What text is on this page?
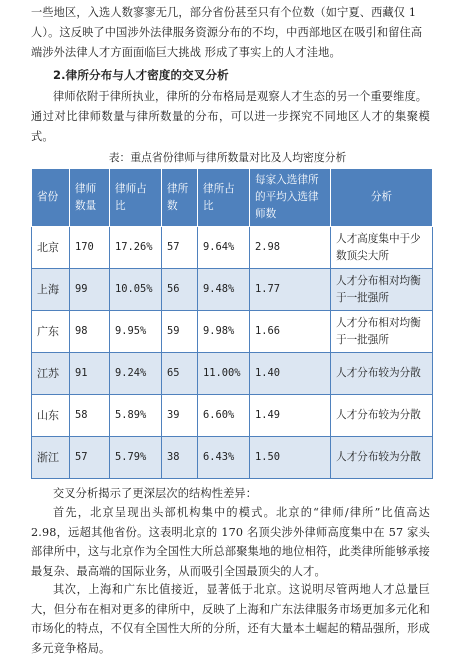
一些地区，入选人数寥寥无几，部分省份甚至只有个位数（如宁夏、西藏仅 1

人）。这反映了中国涉外法律服务资源分布的不均，中西部地区在吸引和留住高

端涉外法律人才方面面临巨大挑战 形成了事实上的人才洼地。

2.律所分布与人才密度的交叉分析

律师依附于律所执业，律所的分布格局是观察人才生态的另一个重要维度。

通过对比律师数量与律所数量的分布，可以进一步探究不同地区人才的集聚模式。

表：重点省份律师与律所数量对比及人均密度分析
省份	律师数量	律师占比	律所数	律所占比	每家入选律所的平均入选律师数	分析
北京	170	17.26%	57	9.64%	2.98	人才高度集中于少数顶尖大所
上海	99	10.05%	56	9.48%	1.77	人才分布相对均衡于一批强所
广东	98	9.95%	59	9.98%	1.66	人才分布相对均衡于一批强所
江苏	91	9.24%	65	11.00%	1.40	人才分布较为分散
山东	58	5.89%	39	6.60%	1.49	人才分布较为分散
浙江	57	5.79%	38	6.43%	1.50	人才分布较为分散

交叉分析揭示了更深层次的结构性差异：

首先，北京呈现出头部机构集中的模式。北京的“律师/律所”比值高达 2.98，远超其他省份。这表明北京的 170 名顶尖涉外律师高度集中在 57 家头部律所中，这与北京作为全国性大所总部聚集地的地位相符，此类律所能够承接最复杂、最高端的国际业务，从而吸引全国最顶尖的人才。

其次，上海和广东比值接近，显著低于北京。这说明尽管两地人才总量巨大，但分布在相对更多的律所中，反映了上海和广东法律服务市场更加多元化和市场化的特点，不仅有全国性大所的分所，还有大量本土崛起的精品强所，形成多元竞争格局。
